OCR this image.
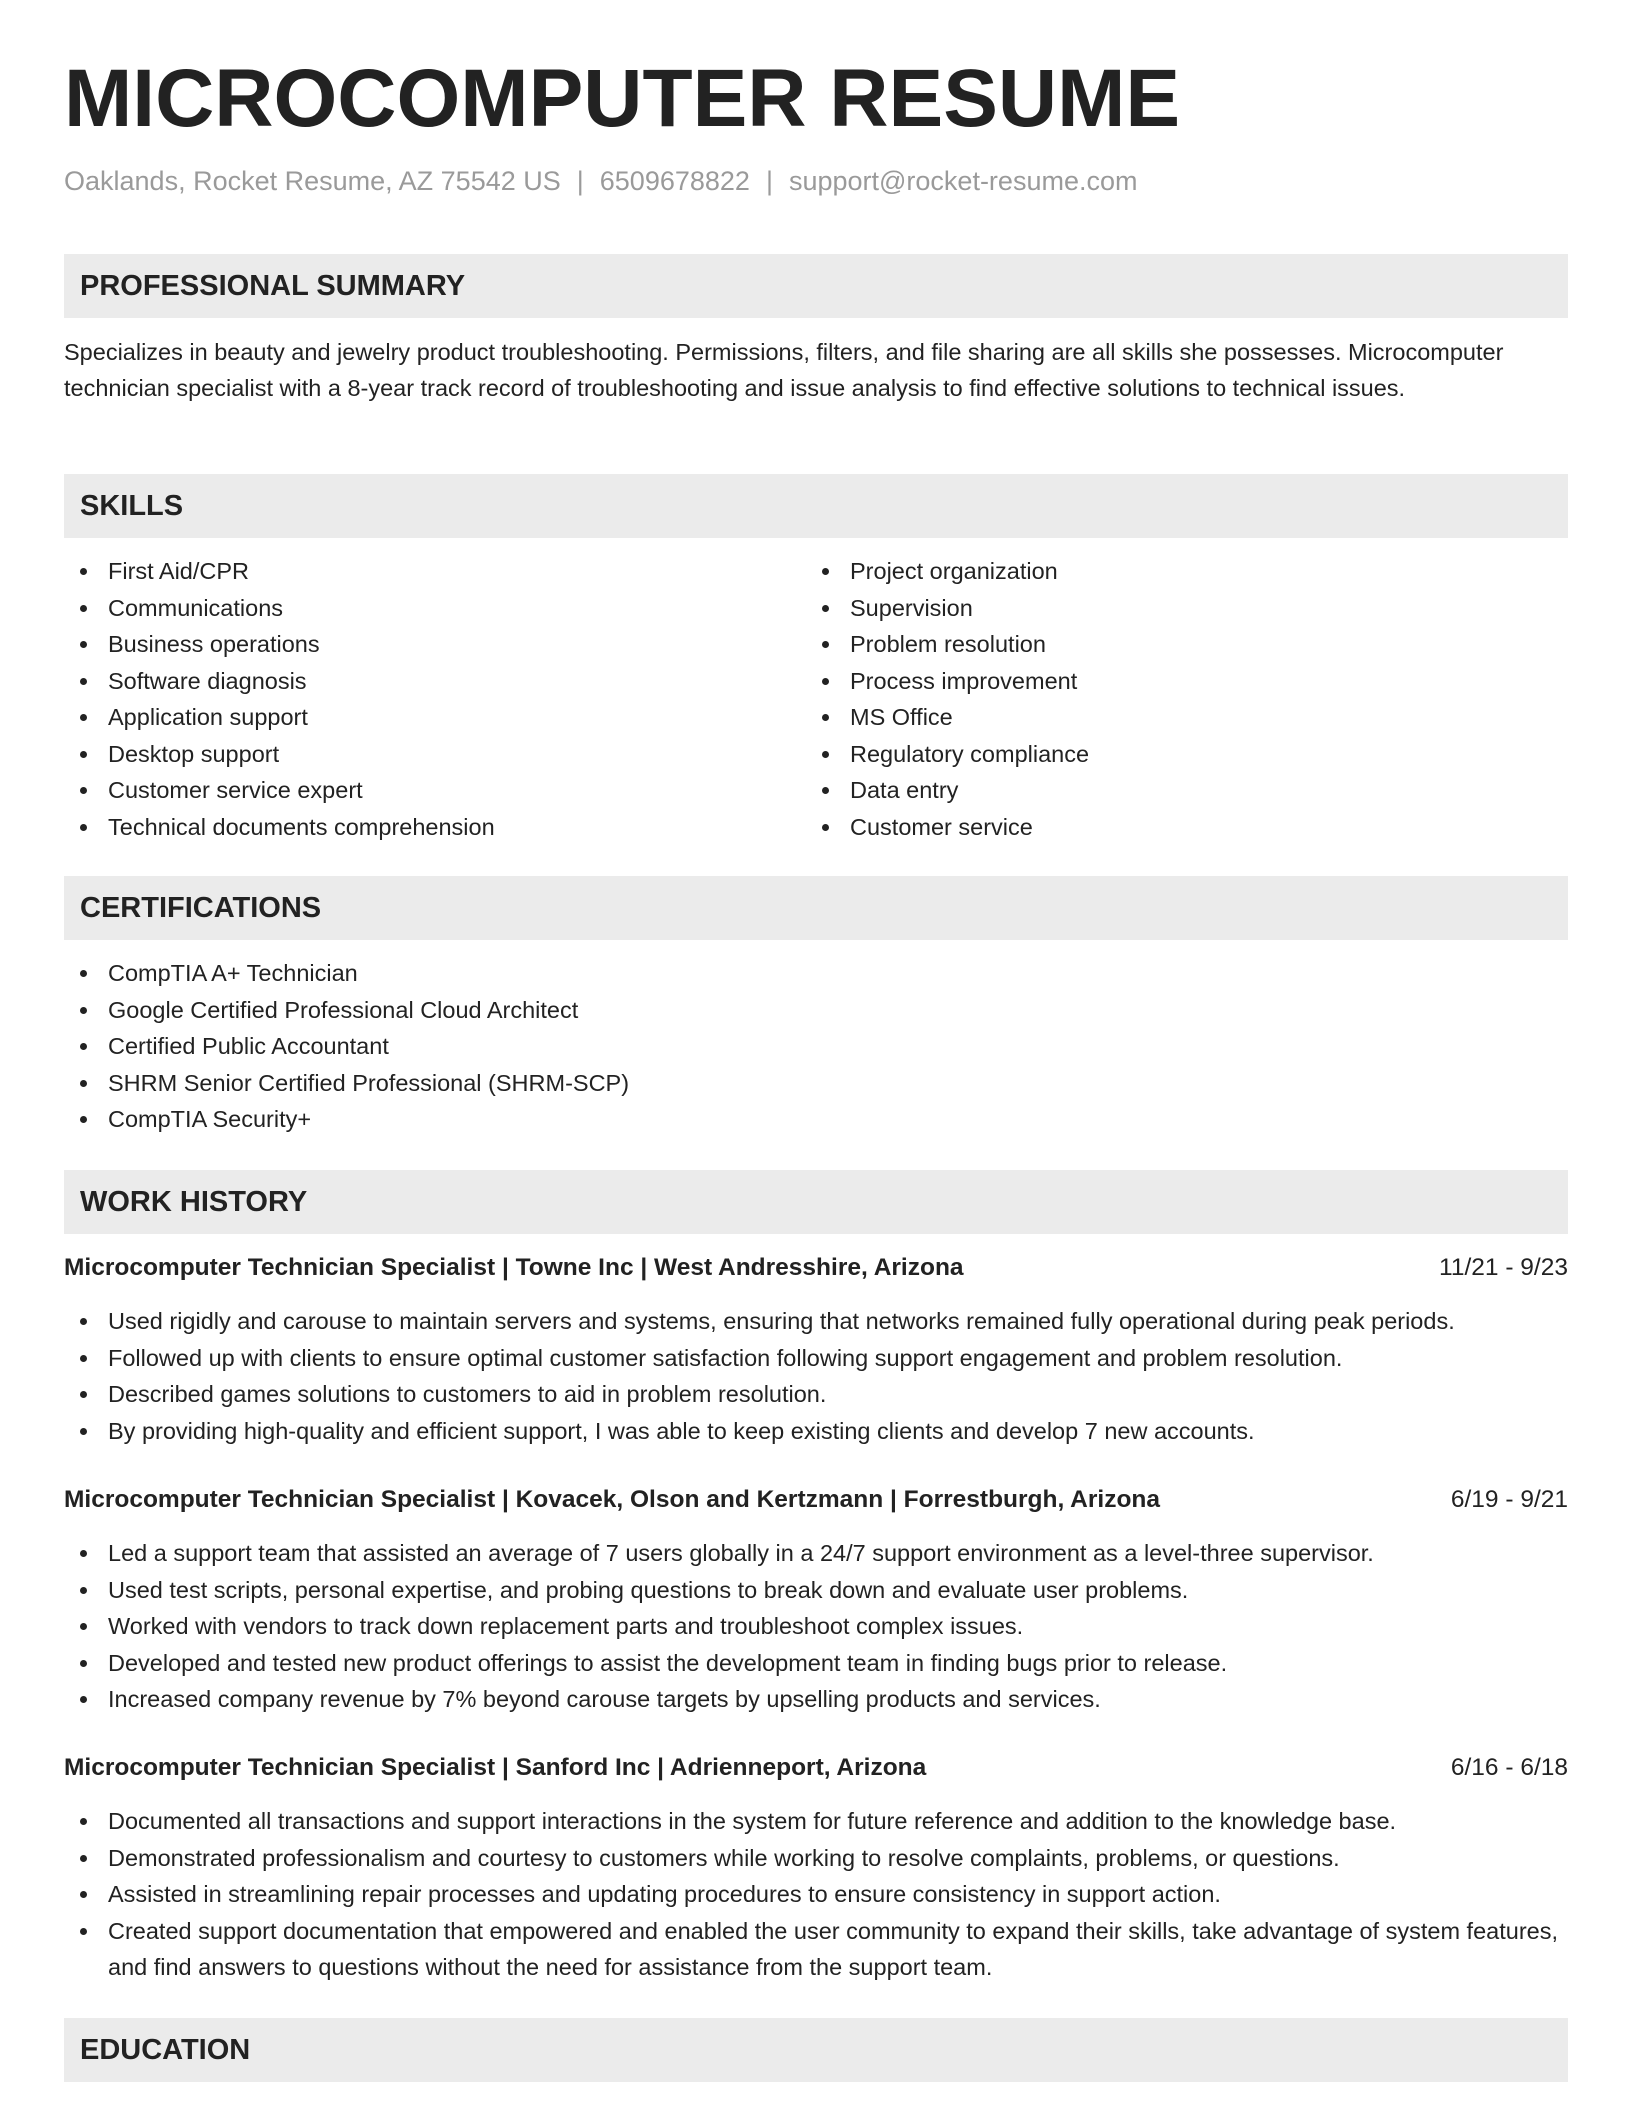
MICROCOMPUTER RESUME
Oaklands, Rocket Resume, AZ 75542 US | 6509678822 | support@rocket-resume.com
PROFESSIONAL SUMMARY
Specializes in beauty and jewelry product troubleshooting. Permissions, filters, and file sharing are all skills she possesses. Microcomputer technician specialist with a 8-year track record of troubleshooting and issue analysis to find effective solutions to technical issues.
SKILLS
First Aid/CPR
Communications
Business operations
Software diagnosis
Application support
Desktop support
Customer service expert
Technical documents comprehension
Project organization
Supervision
Problem resolution
Process improvement
MS Office
Regulatory compliance
Data entry
Customer service
CERTIFICATIONS
CompTIA A+ Technician
Google Certified Professional Cloud Architect
Certified Public Accountant
SHRM Senior Certified Professional (SHRM-SCP)
CompTIA Security+
WORK HISTORY
Microcomputer Technician Specialist | Towne Inc | West Andresshire, Arizona	11/21 - 9/23
Used rigidly and carouse to maintain servers and systems, ensuring that networks remained fully operational during peak periods.
Followed up with clients to ensure optimal customer satisfaction following support engagement and problem resolution.
Described games solutions to customers to aid in problem resolution.
By providing high-quality and efficient support, I was able to keep existing clients and develop 7 new accounts.
Microcomputer Technician Specialist | Kovacek, Olson and Kertzmann | Forrestburgh, Arizona	6/19 - 9/21
Led a support team that assisted an average of 7 users globally in a 24/7 support environment as a level-three supervisor.
Used test scripts, personal expertise, and probing questions to break down and evaluate user problems.
Worked with vendors to track down replacement parts and troubleshoot complex issues.
Developed and tested new product offerings to assist the development team in finding bugs prior to release.
Increased company revenue by 7% beyond carouse targets by upselling products and services.
Microcomputer Technician Specialist | Sanford Inc | Adrienneport, Arizona	6/16 - 6/18
Documented all transactions and support interactions in the system for future reference and addition to the knowledge base.
Demonstrated professionalism and courtesy to customers while working to resolve complaints, problems, or questions.
Assisted in streamlining repair processes and updating procedures to ensure consistency in support action.
Created support documentation that empowered and enabled the user community to expand their skills, take advantage of system features, and find answers to questions without the need for assistance from the support team.
EDUCATION
